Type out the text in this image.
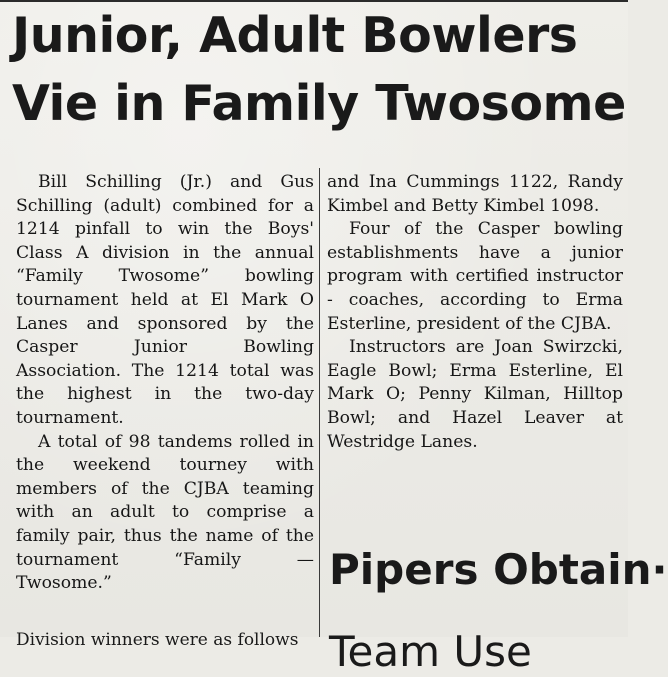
Junior, Adult Bowlers
Vie in Family Twosome

Bill Schilling (Jr.) and Gus Schilling (adult) combined for a 1214 pinfall to win the Boys' Class A division in the annual “Family Twosome” bowling tournament held at El Mark O Lanes and sponsored by the Casper Junior Bowling Association. The 1214 total was the highest in the two-day tournament.

A total of 98 tandems rolled in the weekend tourney with members of the CJBA teaming with an adult to comprise a family pair, thus the name of the tournament “Family — Twosome.”

and Ina Cummings 1122, Randy Kimbel and Betty Kimbel 1098.

Four of the Casper bowling establishments have a junior program with certified instructor - coaches, according to Erma Esterline, president of the CJBA.

Instructors are Joan Swirzcki, Eagle Bowl; Erma Esterline, El Mark O; Penny Kilman, Hilltop Bowl; and Hazel Leaver at Westridge Lanes.

Pipers Obtain·
Division winners were as follows Team Use
